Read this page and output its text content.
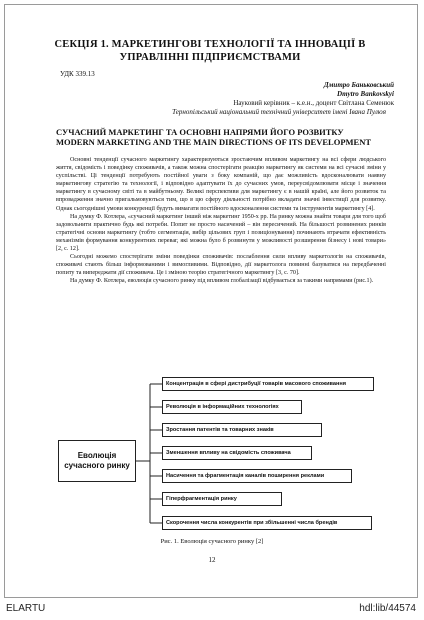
СЕКЦІЯ 1. МАРКЕТИНГОВІ ТЕХНОЛОГІЇ ТА ІННОВАЦІЇ В УПРАВЛІННІ ПІДПРИЄМСТВАМИ
УДК 339.13
Дмитро Баньковський
Dmytro Bankovskyi
Науковий керівник – к.е.н., доцент Світлана Семенюк
Тернопільський національний технічний університет імені Івана Пулюя
СУЧАСНИЙ МАРКЕТИНГ ТА ОСНОВНІ НАПРЯМИ ЙОГО РОЗВИТКУ
MODERN MARKETING AND THE MAIN DIRECTIONS OF ITS DEVELOPMENT

Основні тенденції сучасного маркетингу характеризуються зростаючим впливом маркетингу на всі сфери людського життя, свідомість і поведінку споживачів, а також можна спостерігати реакцію маркетингу як системи на всі сучасні зміни у суспільстві. Ці тенденції потребують постійної уваги з боку компаній, що дає можливість вдосконалювати наявну маркетингову стратегію та технології, і відповідно адаптувати їх до сучасних умов, переусвідомлювати місце і значення маркетингу в сучасному світі та в майбутньому. Великі перспективи для маркетингу є в нашій країні, але його розвиток та впровадження значно пригальмовуються тим, що в цю сферу діяльності потрібно вкладати значні інвестиції для розвитку. Однак сьогоднішні умови конкуренції будуть вимагати постійного вдосконалення системи та інструментів маркетингу [4].

На думку Ф. Котлера, «сучасний маркетинг інший ніж маркетинг 1950-х рр. На ринку можна знайти товари для того щоб задовольнити практично будь які потреби. Попит не просто насичений – він пересичений. На більшості розвинених ринків стратегічні основи маркетингу (тобто сегментація, вибір цільових груп і позиціонування) починають втрачати ефективність механізмів формування конкурентних переваг, які можна було б розвинути у можливості розширення бізнесу і нові товари» [2, с. 12].

Сьогодні можемо спостерігати зміни поведінки споживачів: послаблення сили впливу маркетологів на споживачів, споживачі стають більш інформованими і вимогливими. Відповідно, дії маркетолога повинні базуватися на передбаченні попиту та випереджати дії споживача. Це і зміною теорію стратегічного маркетингу [3, с. 70].

На думку Ф. Котлера, еволюція сучасного ринку під впливом глобалізації відбувається за такими напрямами (рис.1).

Еволюція сучасного ринку
Концентрація в сфері дистрибуції товарів масового споживання
Революція в інформаційних технологіях
Зростання патентів та товарних знаків
Зменшення впливу на свідомість споживача
Насичення та фрагментація каналів поширення реклами
Гіперфрагментація ринку
Скорочення числа конкурентів при збільшенні числа брендів
Рис. 1. Еволюція сучасного ринку [2]
12
ELARTU	hdl:lib/44574
